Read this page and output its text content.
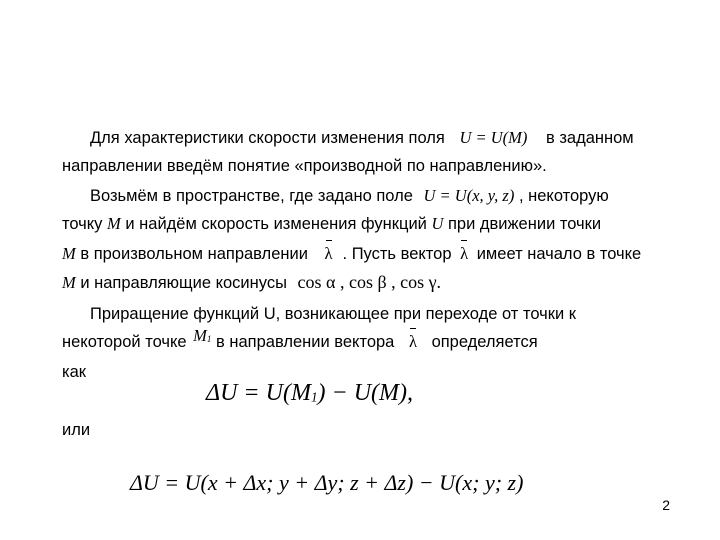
Для характеристики скорости изменения поля U = U(M) в заданном
направлении введём понятие «производной по направлению».
Возьмём в пространстве, где задано поле U = U(x, y, z) , некоторую
точку M и найдём скорость изменения функций U при движении точки
M в произвольном направлении λ . Пусть вектор λ имеет начало в точке
M и направляющие косинусы cos α , cos β , cos γ.
Приращение функций U, возникающее при переходе от точки к
некоторой точке M1 в направлении вектора λ определяется
как
ΔU = U(M1) − U(M),
или
ΔU = U(x + Δx; y + Δy; z + Δz) − U(x; y; z)
2
